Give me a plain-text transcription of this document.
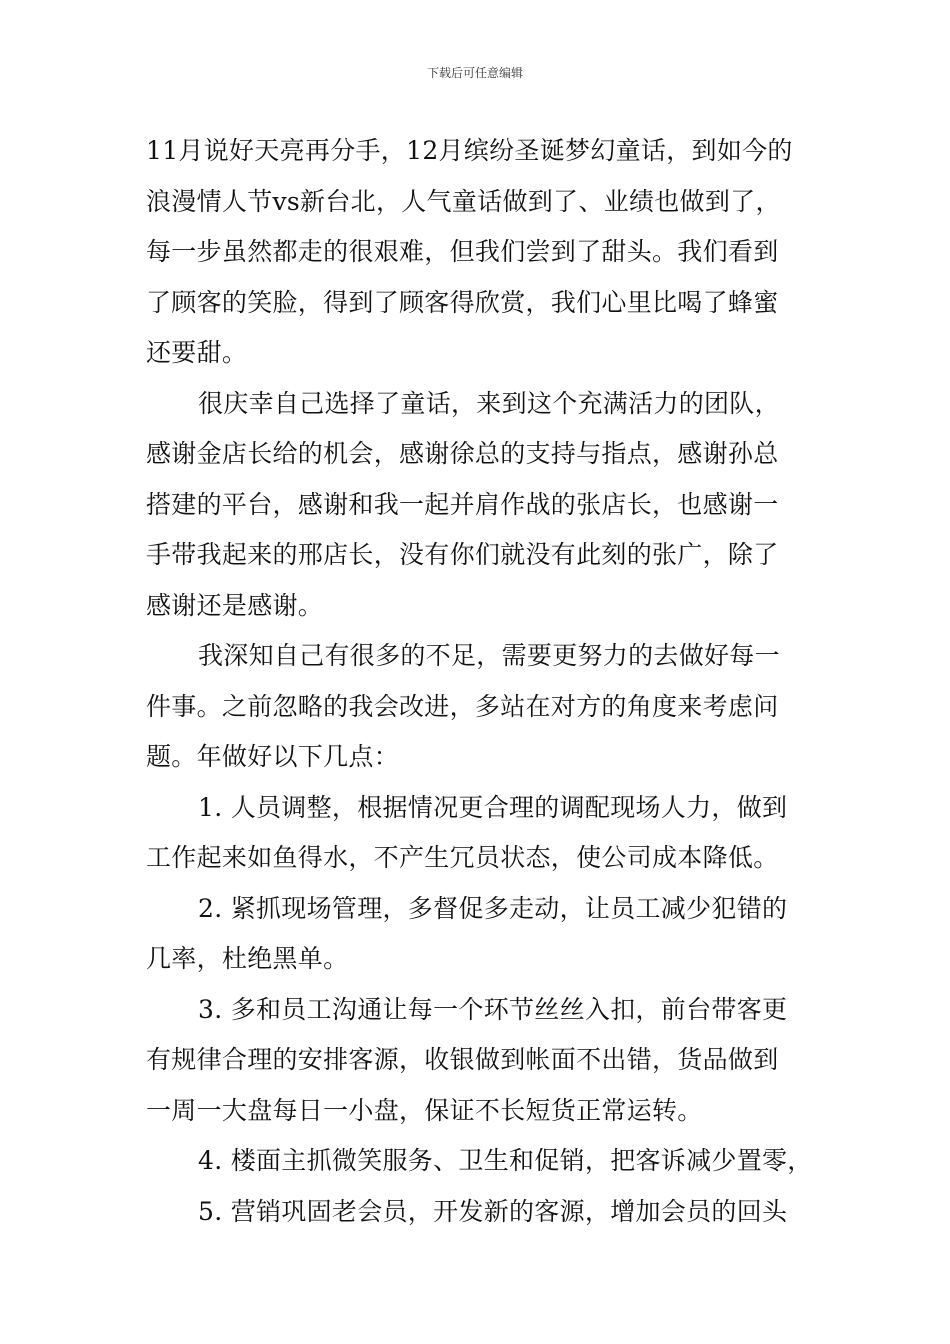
下载后可任意编辑
11月说好天亮再分手，12月缤纷圣诞梦幻童话，到如今的
浪漫情人节vs新台北，人气童话做到了、业绩也做到了，
每一步虽然都走的很艰难，但我们尝到了甜头。我们看到
了顾客的笑脸，得到了顾客得欣赏，我们心里比喝了蜂蜜
还要甜。
很庆幸自己选择了童话，来到这个充满活力的团队，
感谢金店长给的机会，感谢徐总的支持与指点，感谢孙总
搭建的平台，感谢和我一起并肩作战的张店长，也感谢一
手带我起来的邢店长，没有你们就没有此刻的张广，除了
感谢还是感谢。
我深知自己有很多的不足，需要更努力的去做好每一
件事。之前忽略的我会改进，多站在对方的角度来考虑问
题。年做好以下几点：
1. 人员调整，根据情况更合理的调配现场人力，做到
工作起来如鱼得水，不产生冗员状态，使公司成本降低。
2. 紧抓现场管理，多督促多走动，让员工减少犯错的
几率，杜绝黑单。
3. 多和员工沟通让每一个环节丝丝入扣，前台带客更
有规律合理的安排客源，收银做到帐面不出错，货品做到
一周一大盘每日一小盘，保证不长短货正常运转。
4. 楼面主抓微笑服务、卫生和促销，把客诉减少置零，
5. 营销巩固老会员，开发新的客源，增加会员的回头
